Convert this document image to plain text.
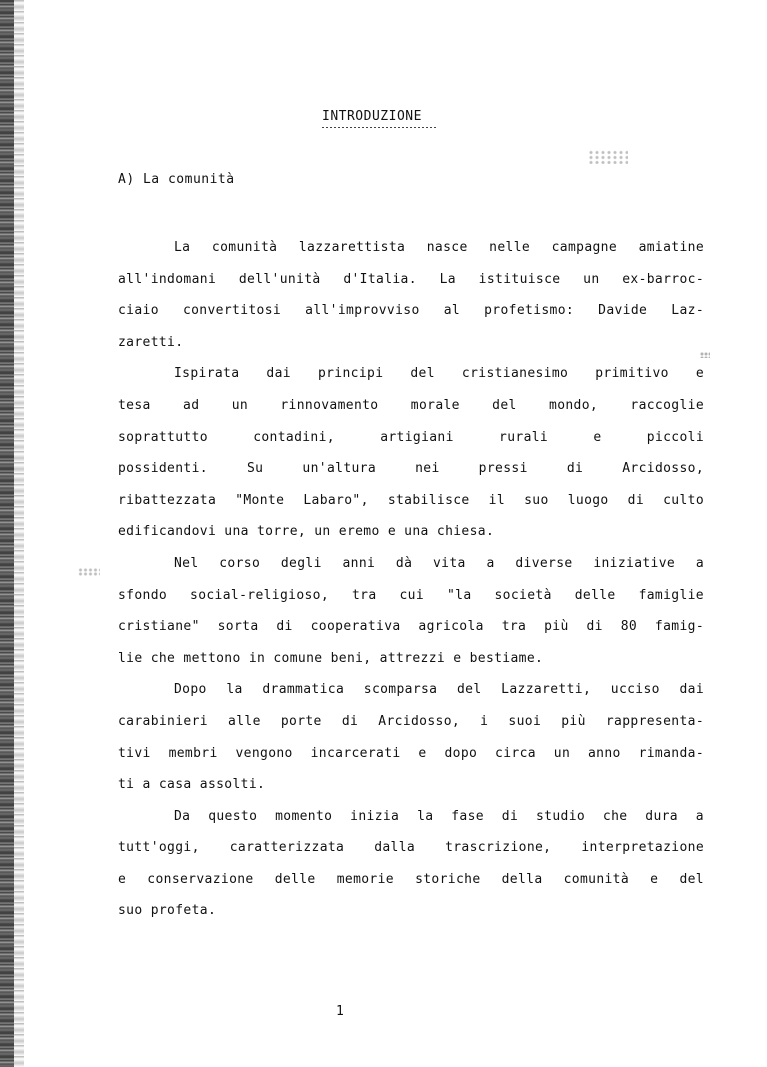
INTRODUZIONE
A) La comunità
La comunità lazzarettista nasce nelle campagne amiatine
all'indomani dell'unità d'Italia. La istituisce un ex-barroc-
ciaio convertitosi all'improvviso al profetismo: Davide Laz-
zaretti.
Ispirata dai principi del cristianesimo primitivo e
tesa ad un rinnovamento morale del mondo, raccoglie
soprattutto contadini, artigiani rurali e piccoli
possidenti. Su un'altura nei pressi di Arcidosso,
ribattezzata "Monte Labaro", stabilisce il suo luogo di culto
edificandovi una torre, un eremo e una chiesa.
Nel corso degli anni dà vita a diverse iniziative a
sfondo social-religioso, tra cui "la società delle famiglie
cristiane" sorta di cooperativa agricola tra più di 80 famig-
lie che mettono in comune beni, attrezzi e bestiame.
Dopo la drammatica scomparsa del Lazzaretti, ucciso dai
carabinieri alle porte di Arcidosso, i suoi più rappresenta-
tivi membri vengono incarcerati e dopo circa un anno rimanda-
ti a casa assolti.
Da questo momento inizia la fase di studio che dura a
tutt'oggi, caratterizzata dalla trascrizione, interpretazione
e conservazione delle memorie storiche della comunità e del
suo profeta.
1
